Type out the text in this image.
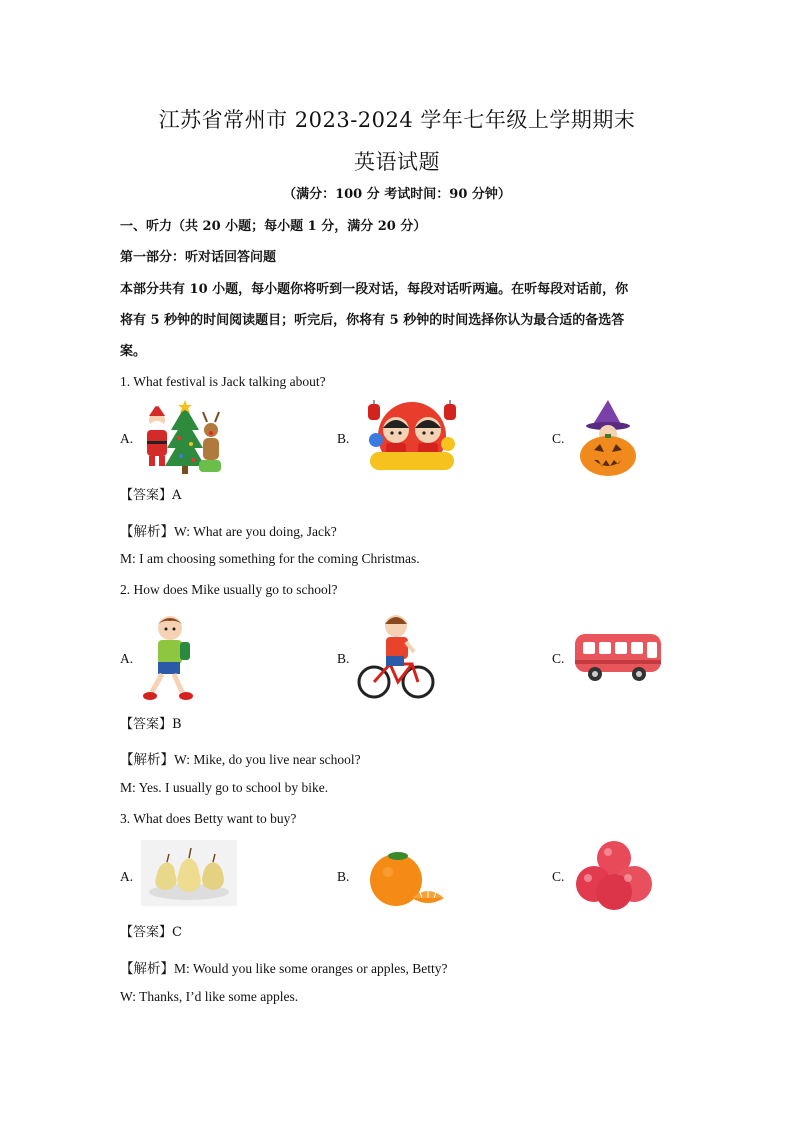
江苏省常州市 2023-2024 学年七年级上学期期末
英语试题
（满分：100 分 考试时间：90 分钟）
一、听力（共 20 小题；每小题 1 分，满分 20 分）
第一部分：听对话回答问题
本部分共有 10 小题，每小题你将听到一段对话，每段对话听两遍。在听每段对话前，你
将有 5 秒钟的时间阅读题目；听完后，你将有 5 秒钟的时间选择你认为最合适的备选答
案。
1. What festival is Jack talking about?
A.	B.	C.
【答案】A
【解析】W: What are you doing, Jack?
M: I am choosing something for the coming Christmas.
2. How does Mike usually go to school?
A.	B.	C.
【答案】B
【解析】W: Mike, do you live near school?
M: Yes. I usually go to school by bike.
3. What does Betty want to buy?
A.	B.	C.
【答案】C
【解析】M: Would you like some oranges or apples, Betty?
W: Thanks, I’d like some apples.
